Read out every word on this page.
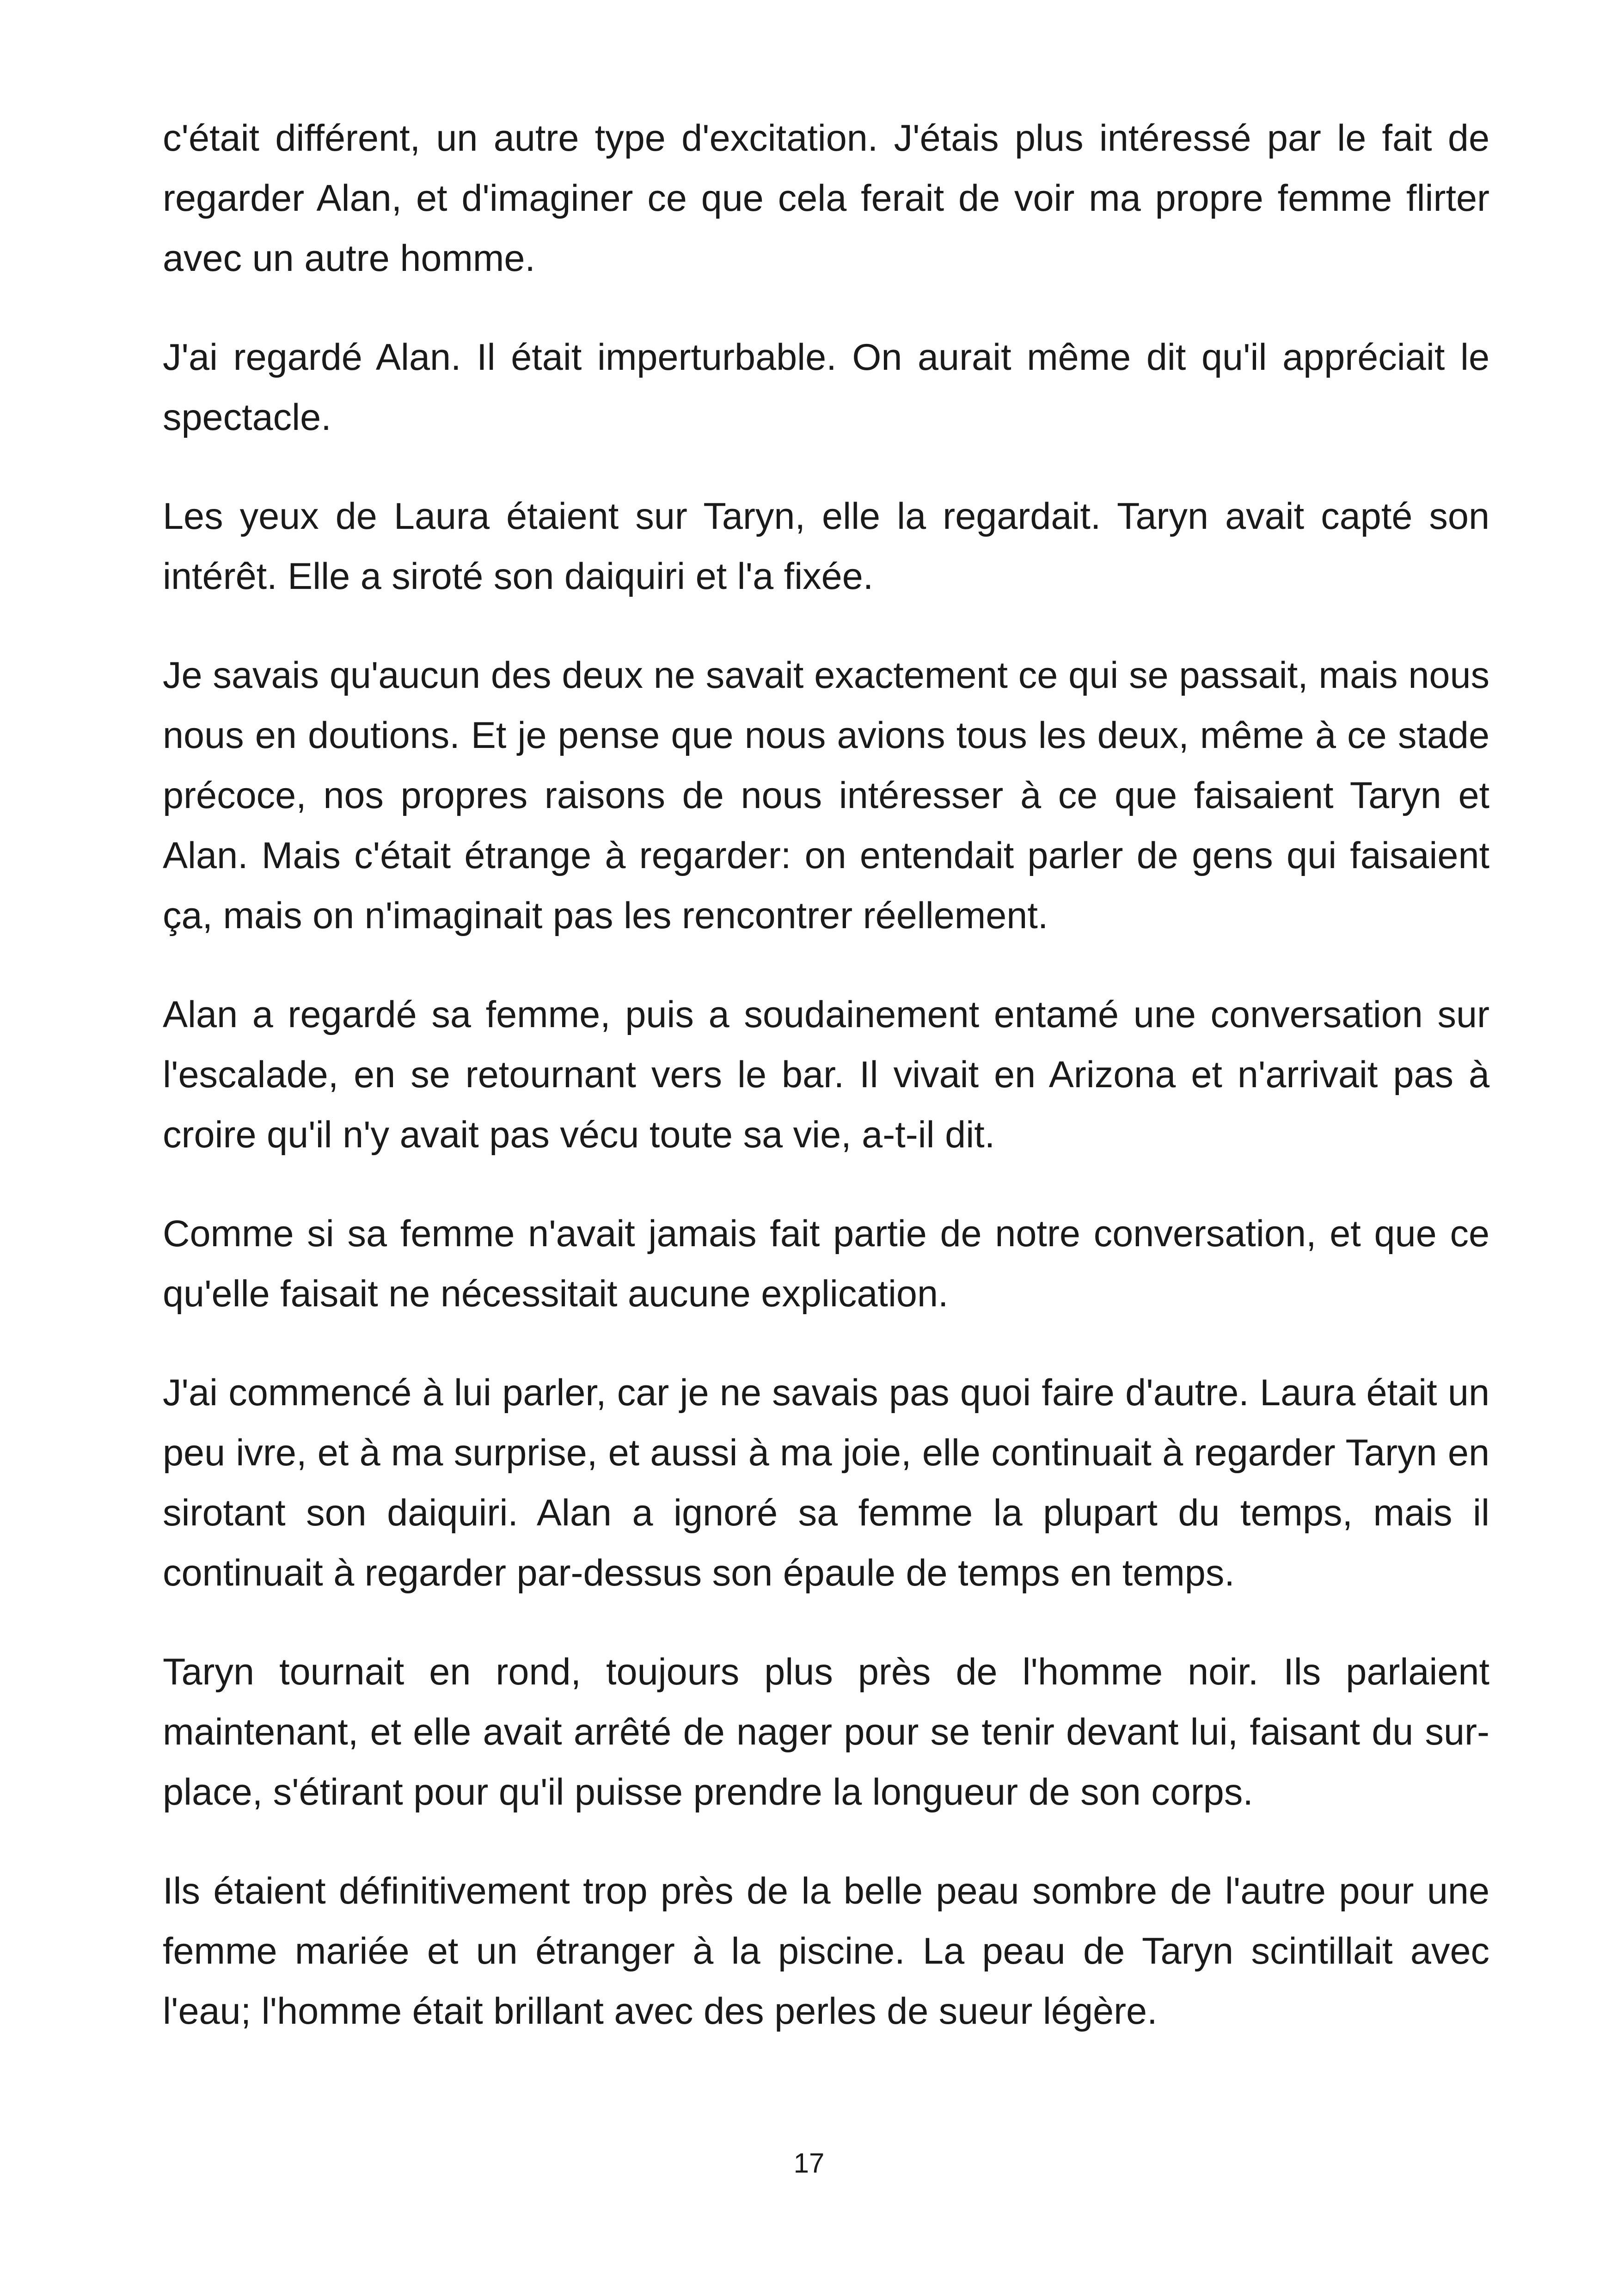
c'était différent, un autre type d'excitation. J'étais plus intéressé par le fait de regarder Alan, et d'imaginer ce que cela ferait de voir ma propre femme flirter avec un autre homme.

J'ai regardé Alan. Il était imperturbable. On aurait même dit qu'il appréciait le spectacle.

Les yeux de Laura étaient sur Taryn, elle la regardait. Taryn avait capté son intérêt. Elle a siroté son daiquiri et l'a fixée.

Je savais qu'aucun des deux ne savait exactement ce qui se passait, mais nous nous en doutions. Et je pense que nous avions tous les deux, même à ce stade précoce, nos propres raisons de nous intéresser à ce que faisaient Taryn et Alan. Mais c'était étrange à regarder: on entendait parler de gens qui faisaient ça, mais on n'imaginait pas les rencontrer réellement.

Alan a regardé sa femme, puis a soudainement entamé une conversation sur l'escalade, en se retournant vers le bar. Il vivait en Arizona et n'arrivait pas à croire qu'il n'y avait pas vécu toute sa vie, a-t-il dit.

Comme si sa femme n'avait jamais fait partie de notre conversation, et que ce qu'elle faisait ne nécessitait aucune explication.

J'ai commencé à lui parler, car je ne savais pas quoi faire d'autre. Laura était un peu ivre, et à ma surprise, et aussi à ma joie, elle continuait à regarder Taryn en sirotant son daiquiri. Alan a ignoré sa femme la plupart du temps, mais il continuait à regarder par-dessus son épaule de temps en temps.

Taryn tournait en rond, toujours plus près de l'homme noir. Ils parlaient maintenant, et elle avait arrêté de nager pour se tenir devant lui, faisant du sur-place, s'étirant pour qu'il puisse prendre la longueur de son corps.

Ils étaient définitivement trop près de la belle peau sombre de l'autre pour une femme mariée et un étranger à la piscine. La peau de Taryn scintillait avec l'eau; l'homme était brillant avec des perles de sueur légère.

17
